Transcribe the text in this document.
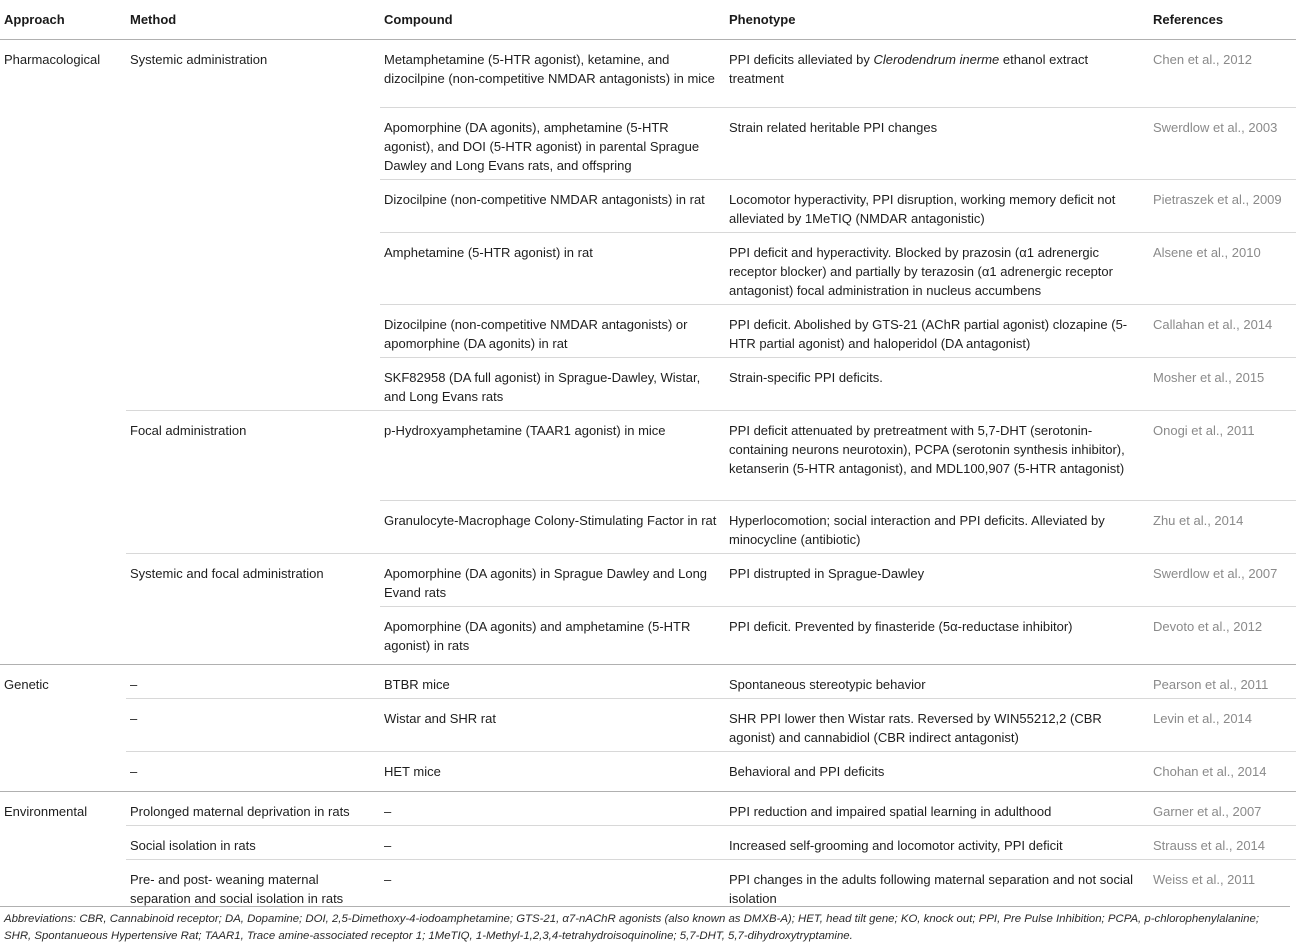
Approach	Method	Compound	Phenotype	References
Pharmacological	Systemic administration	Metamphetamine (5-HTR agonist), ketamine, and dizocilpine (non-competitive NMDAR antagonists) in mice	PPI deficits alleviated by Clerodendrum inerme ethanol extract treatment	Chen et al., 2012
		Apomorphine (DA agonits), amphetamine (5-HTR agonist), and DOI (5-HTR agonist) in parental Sprague Dawley and Long Evans rats, and offspring	Strain related heritable PPI changes	Swerdlow et al., 2003
		Dizocilpine (non-competitive NMDAR antagonists) in rat	Locomotor hyperactivity, PPI disruption, working memory deficit not alleviated by 1MeTIQ (NMDAR antagonistic)	Pietraszek et al., 2009
		Amphetamine (5-HTR agonist) in rat	PPI deficit and hyperactivity. Blocked by prazosin (α1 adrenergic receptor blocker) and partially by terazosin (α1 adrenergic receptor antagonist) focal administration in nucleus accumbens	Alsene et al., 2010
		Dizocilpine (non-competitive NMDAR antagonists) or apomorphine (DA agonits) in rat	PPI deficit. Abolished by GTS-21 (AChR partial agonist) clozapine (5-HTR partial agonist) and haloperidol (DA antagonist)	Callahan et al., 2014
		SKF82958 (DA full agonist) in Sprague-Dawley, Wistar, and Long Evans rats	Strain-specific PPI deficits.	Mosher et al., 2015
	Focal administration	p-Hydroxyamphetamine (TAAR1 agonist) in mice	PPI deficit attenuated by pretreatment with 5,7-DHT (serotonin-containing neurons neurotoxin), PCPA (serotonin synthesis inhibitor), ketanserin (5-HTR antagonist), and MDL100,907 (5-HTR antagonist)	Onogi et al., 2011
		Granulocyte-Macrophage Colony-Stimulating Factor in rat	Hyperlocomotion; social interaction and PPI deficits. Alleviated by minocycline (antibiotic)	Zhu et al., 2014
	Systemic and focal administration	Apomorphine (DA agonits) in Sprague Dawley and Long Evand rats	PPI distrupted in Sprague-Dawley	Swerdlow et al., 2007
		Apomorphine (DA agonits) and amphetamine (5-HTR agonist) in rats	PPI deficit. Prevented by finasteride (5α-reductase inhibitor)	Devoto et al., 2012
Genetic	–	BTBR mice	Spontaneous stereotypic behavior	Pearson et al., 2011
	–	Wistar and SHR rat	SHR PPI lower then Wistar rats. Reversed by WIN55212,2 (CBR agonist) and cannabidiol (CBR indirect antagonist)	Levin et al., 2014
	–	HET mice	Behavioral and PPI deficits	Chohan et al., 2014
Environmental	Prolonged maternal deprivation in rats	–	PPI reduction and impaired spatial learning in adulthood	Garner et al., 2007
	Social isolation in rats	–	Increased self-grooming and locomotor activity, PPI deficit	Strauss et al., 2014
	Pre- and post- weaning maternal separation and social isolation in rats	–	PPI changes in the adults following maternal separation and not social isolation	Weiss et al., 2011
Abbreviations: CBR, Cannabinoid receptor; DA, Dopamine; DOI, 2,5-Dimethoxy-4-iodoamphetamine; GTS-21, α7-nAChR agonists (also known as DMXB-A); HET, head tilt gene; KO, knock out; PPI, Pre Pulse Inhibition; PCPA, p-chlorophenylalanine; SHR, Spontanueous Hypertensive Rat; TAAR1, Trace amine-associated receptor 1; 1MeTIQ, 1-Methyl-1,2,3,4-tetrahydroisoquinoline; 5,7-DHT, 5,7-dihydroxytryptamine.
